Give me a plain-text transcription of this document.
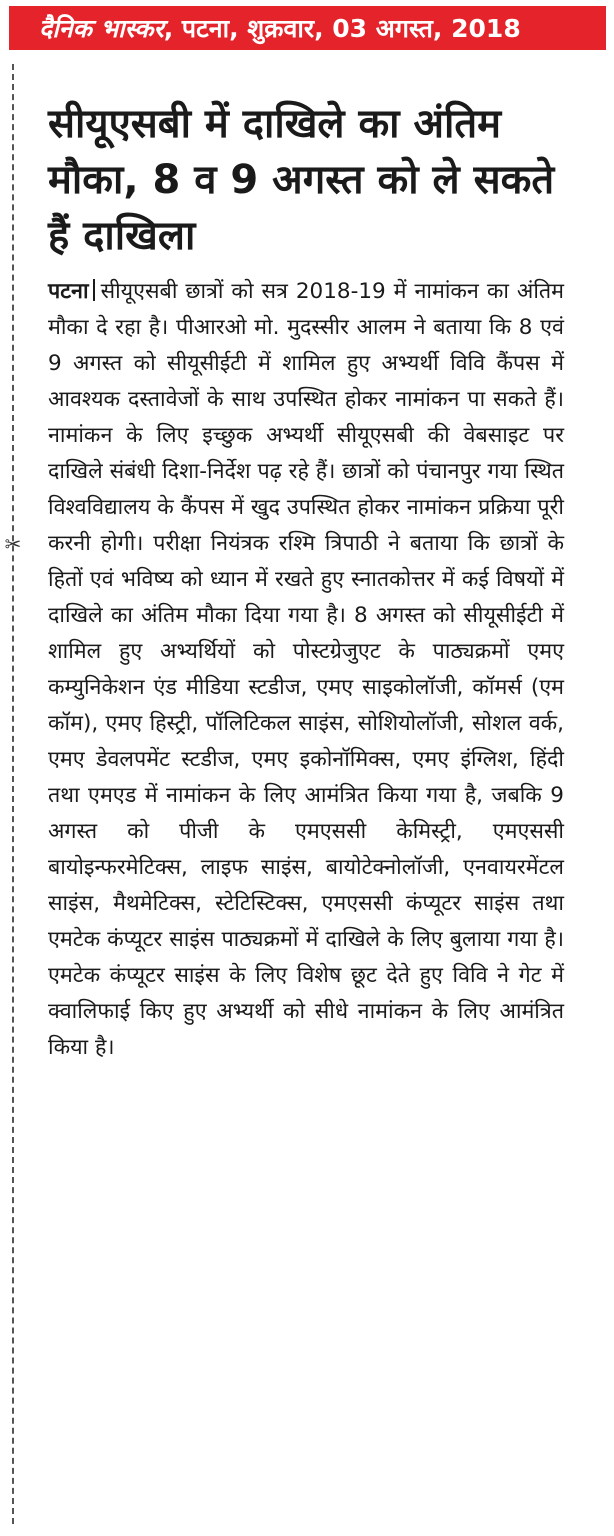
दैनिक भास्कर , पटना, शुक्रवार, 03 अगस्त, 2018
✂
सीयूएसबी में दाखिले का अंतिम मौका, 8 व 9 अगस्त को ले सकते हैं दाखिला

पटना सीयूएसबी छात्रों को सत्र 2018-19 में नामांकन का अंतिम मौका दे रहा है। पीआरओ मो. मुदस्सीर आलम ने बताया कि 8 एवं 9 अगस्त को सीयूसीईटी में शामिल हुए अभ्यर्थी विवि कैंपस में आवश्यक दस्तावेजों के साथ उपस्थित होकर नामांकन पा सकते हैं। नामांकन के लिए इच्छुक अभ्यर्थी सीयूएसबी की वेबसाइट पर दाखिले संबंधी दिशा-निर्देश पढ़ रहे हैं। छात्रों को पंचानपुर गया स्थित विश्वविद्यालय के कैंपस में खुद उपस्थित होकर नामांकन प्रक्रिया पूरी करनी होगी। परीक्षा नियंत्रक रश्मि त्रिपाठी ने बताया कि छात्रों के हितों एवं भविष्य को ध्यान में रखते हुए स्नातकोत्तर में कई विषयों में दाखिले का अंतिम मौका दिया गया है। 8 अगस्त को सीयूसीईटी में शामिल हुए अभ्यर्थियों को पोस्टग्रेजुएट के पाठ्यक्रमों एमए कम्युनिकेशन एंड मीडिया स्टडीज, एमए साइकोलॉजी, कॉमर्स (एम कॉम), एमए हिस्ट्री, पॉलिटिकल साइंस, सोशियोलॉजी, सोशल वर्क, एमए डेवलपमेंट स्टडीज, एमए इकोनॉमिक्स, एमए इंग्लिश, हिंदी तथा एमएड में नामांकन के लिए आमंत्रित किया गया है, जबकि 9 अगस्त को पीजी के एमएससी केमिस्ट्री, एमएससी बायोइन्फरमेटिक्स, लाइफ साइंस, बायोटेक्नोलॉजी, एनवायरमेंटल साइंस, मैथमेटिक्स, स्टेटिस्टिक्स, एमएससी कंप्यूटर साइंस तथा एमटेक कंप्यूटर साइंस पाठ्यक्रमों में दाखिले के लिए बुलाया गया है। एमटेक कंप्यूटर साइंस के लिए विशेष छूट देते हुए विवि ने गेट में क्वालिफाई किए हुए अभ्यर्थी को सीधे नामांकन के लिए आमंत्रित किया है।
